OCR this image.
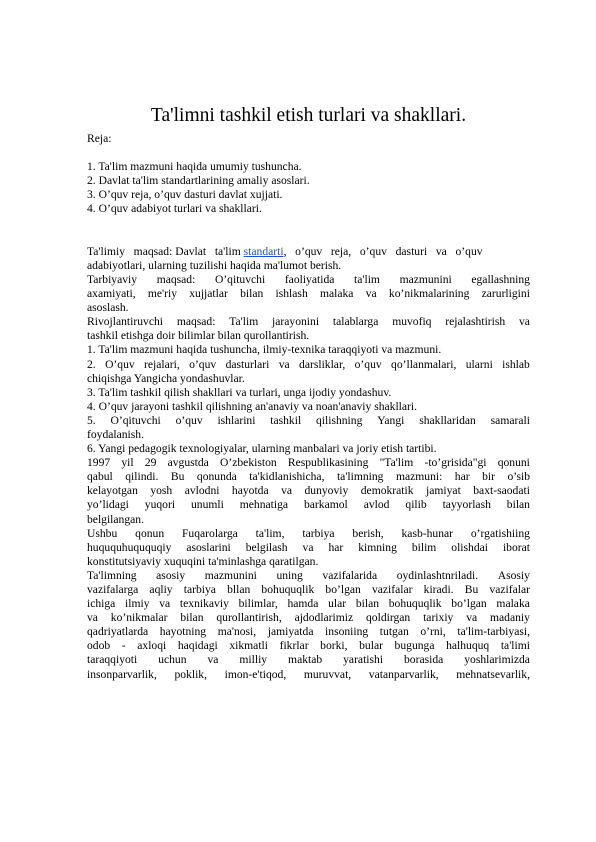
Ta'limni tashkil etish turlari va shakllari.
Reja:
1. Ta'lim mazmuni haqida umumiy tushuncha.
2. Davlat ta'lim standartlarining amaliy asoslari.
3. O’quv reja, o’quv dasturi davlat xujjati.
4. O’quv adabiyot turlari va shakllari.
Ta'limiy   maqsad: Davlat   ta'lim standarti,   o’quv   reja,   o’quv   dasturi   va   o’quv
adabiyotlari, ularning tuzilishi haqida ma'lumot berish.
Tarbiyaviy maqsad: O’qituvchi faoliyatida ta'lim mazmunini egallashning
axamiyati, me'riy xujjatlar bilan ishlash malaka va ko’nikmalarining zarurligini
asoslash.
Rivojlantiruvchi maqsad: Ta'lim jarayonini talablarga muvofiq rejalashtirish va
tashkil etishga doir bilimlar bilan qurollantirish.
1. Ta'lim mazmuni haqida tushuncha, ilmiy-texnika taraqqiyoti va mazmuni.
2. O’quv rejalari, o’quv dasturlari va darsliklar, o’quv qo’llanmalari, ularni ishlab
chiqishga Yangicha yondashuvlar.
3. Ta'lim tashkil qilish shakllari va turlari, unga ijodiy yondashuv.
4. O’quv jarayoni tashkil qilishning an'anaviy va noan'anaviy shakllari.
5. O’qituvchi o’quv ishlarini tashkil qilishning Yangi shakllaridan samarali
foydalanish.
6. Yangi pedagogik texnologiyalar, ularning manbalari va joriy etish tartibi.
1997 yil 29 avgustda O’zbekiston Respublikasining "Ta'lim -to’grisida"gi qonuni
qabul qilindi. Bu qonunda ta'kidlanishicha, ta'limning mazmuni: har bir o’sib
kelayotgan yosh avlodni hayotda va dunyoviy demokratik jamiyat baxt-saodati
yo’lidagi yuqori unumli mehnatiga barkamol avlod qilib tayyorlash bilan
belgilangan.
Ushbu qonun Fuqarolarga ta'lim, tarbiya berish, kasb-hunar o’rgatishiing
huququhuququqiy asoslarini belgilash va har kimning bilim olishdai iborat
konstitutsiyaviy xuquqini ta'minlashga qaratilgan.
Ta'limning asosiy mazmunini uning vazifalarida oydinlashtnriladi. Asosiy
vazifalarga aqliy tarbiya bllan bohuquqlik bo’lgan vazifalar kiradi. Bu vazifalar
ichiga ilmiy va texnikaviy bilimlar, hamda ular bilan bohuquqlik bo’lgan malaka
va ko’nikmalar bilan qurollantirish, ajdodlarimiz qoldirgan tarixiy va madaniy
qadriyatlarda hayotning ma'nosi, jamiyatda insoniing tutgan o’rni, ta'lim-tarbiyasi,
odob - axloqi haqidagi xikmatli fikrlar borki, bular bugunga halhuquq ta'limi
taraqqiyoti uchun va milliy maktab yaratishi borasida yoshlarimizda
insonparvarlik, poklik, imon-e'tiqod, muruvvat, vatanparvarlik, mehnatsevarlik,
